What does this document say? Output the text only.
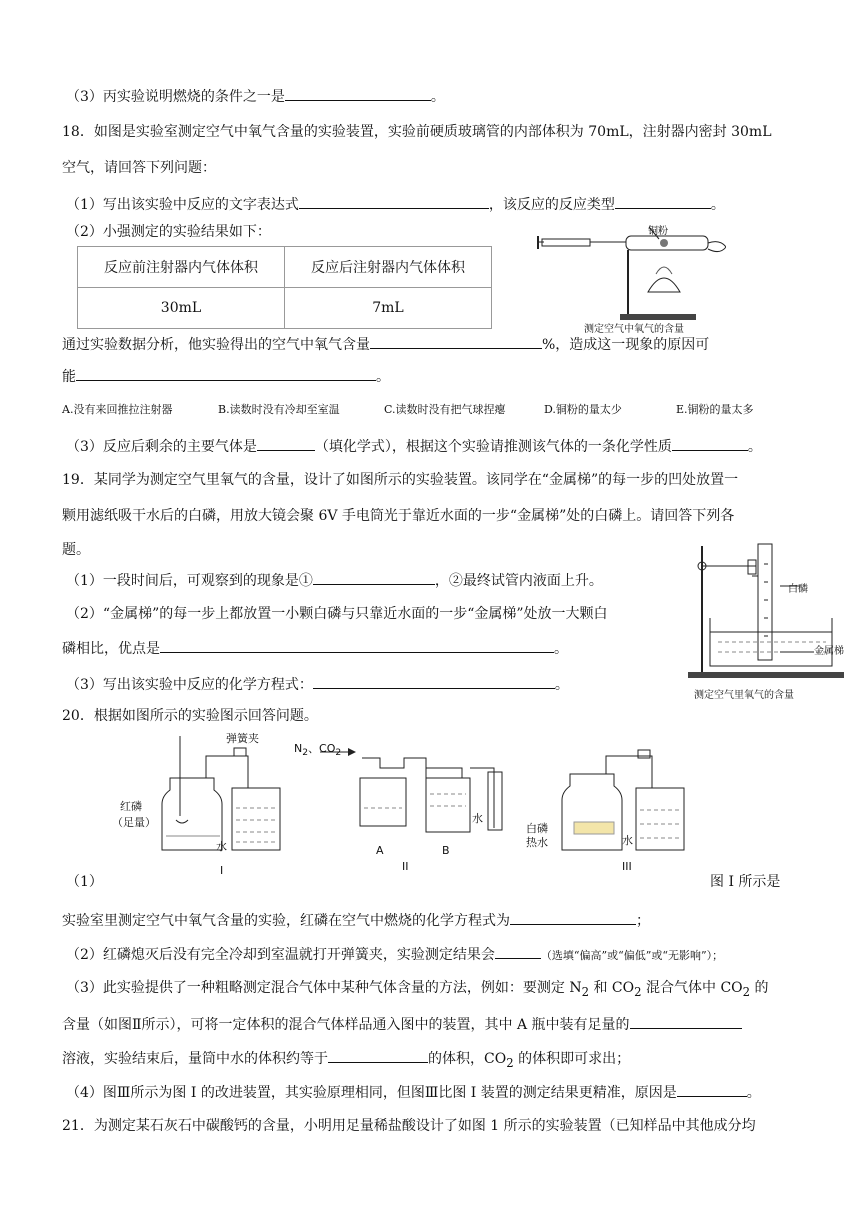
（3）丙实验说明燃烧的条件之一是	。
18．如图是实验室测定空气中氧气含量的实验装置，实验前硬质玻璃管的内部体积为 70mL，注射器内密封 30mL
空气，请回答下列问题：
（1）写出该实验中反应的文字表达式	，该反应的反应类型	。
（2）小强测定的实验结果如下：
反应前注射器内气体体积	反应后注射器内气体体积
30mL	7mL
铜粉
测定空气中氧气的含量
通过实验数据分析，他实验得出的空气中氧气含量	%，造成这一现象的原因可
能	。
A.没有来回推拉注射器	B.读数时没有冷却至室温	C.读数时没有把气球捏瘪	D.铜粉的量太少	E.铜粉的量太多
（3）反应后剩余的主要气体是	（填化学式），根据这个实验请推测该气体的一条化学性质	。
19．某同学为测定空气里氧气的含量，设计了如图所示的实验装置。该同学在“金属梯”的每一步的凹处放置一
颗用滤纸吸干水后的白磷，用放大镜会聚 6V 手电筒光于靠近水面的一步“金属梯”处的白磷上。请回答下列各
题。
（1）一段时间后，可观察到的现象是①	，②最终试管内液面上升。
（2）“金属梯”的每一步上都放置一小颗白磷与只靠近水面的一步“金属梯”处放一大颗白
磷相比，优点是	。
（3）写出该实验中反应的化学方程式：	。
白磷
金属梯
测定空气里氧气的含量
20．根据如图所示的实验图示回答问题。
弹簧夹
红磷
（足量）
水
$N_2$、$CO_2$
A	B
水
白磷
热水	水
I	II	III
（1）	图 I 所示是
实验室里测定空气中氧气含量的实验，红磷在空气中燃烧的化学方程式为	；
（2）红磷熄灭后没有完全冷却到室温就打开弹簧夹，实验测定结果会	（选填“偏高”或“偏低”或“无影响”）；
（3）此实验提供了一种粗略测定混合气体中某种气体含量的方法，例如：要测定 $N_2$ 和 $CO_2$ 混合气体中 $CO_2$ 的
含量（如图Ⅱ所示），可将一定体积的混合气体样品通入图中的装置，其中 A 瓶中装有足量的
溶液，实验结束后，量筒中水的体积约等于	的体积，$CO_2$ 的体积即可求出；
（4）图Ⅲ所示为图 I 的改进装置，其实验原理相同，但图Ⅲ比图 I 装置的测定结果更精准，原因是	。
21．为测定某石灰石中碳酸钙的含量，小明用足量稀盐酸设计了如图 1 所示的实验装置（已知样品中其他成分均
